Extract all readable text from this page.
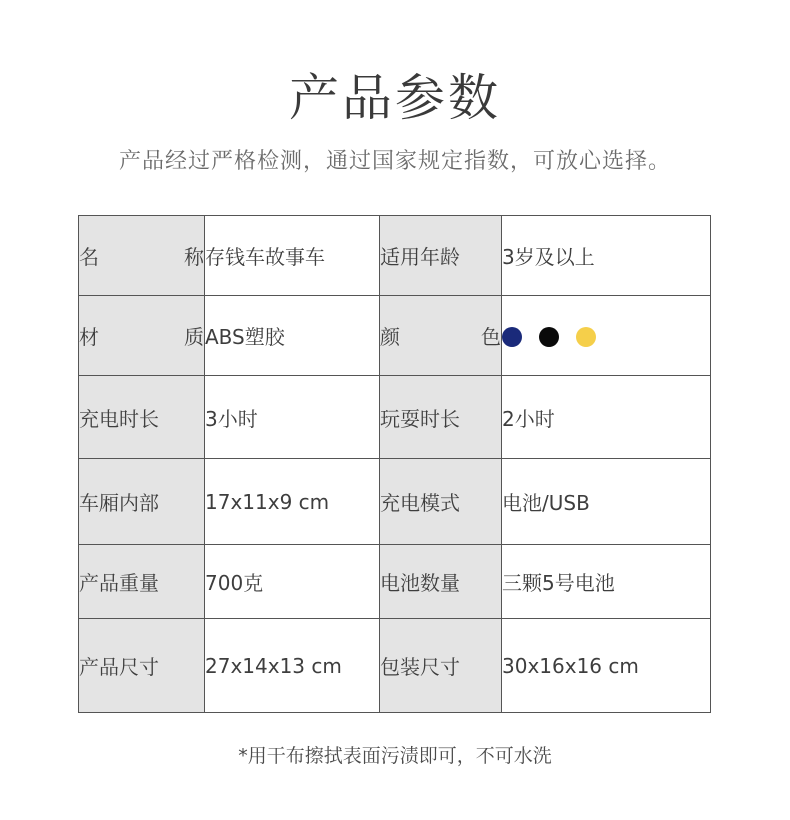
产品参数
产品经过严格检测，通过国家规定指数，可放心选择。
名　称	存钱车故事车	适用年龄	3岁及以上
材　质	ABS塑胶	颜　色	

充电时长	3小时	玩耍时长	2小时
车厢内部	17x11x9 cm	充电模式	电池/USB
产品重量	700克	电池数量	三颗5号电池
产品尺寸	27x14x13 cm	包装尺寸	30x16x16 cm
*用干布擦拭表面污渍即可，不可水洗
